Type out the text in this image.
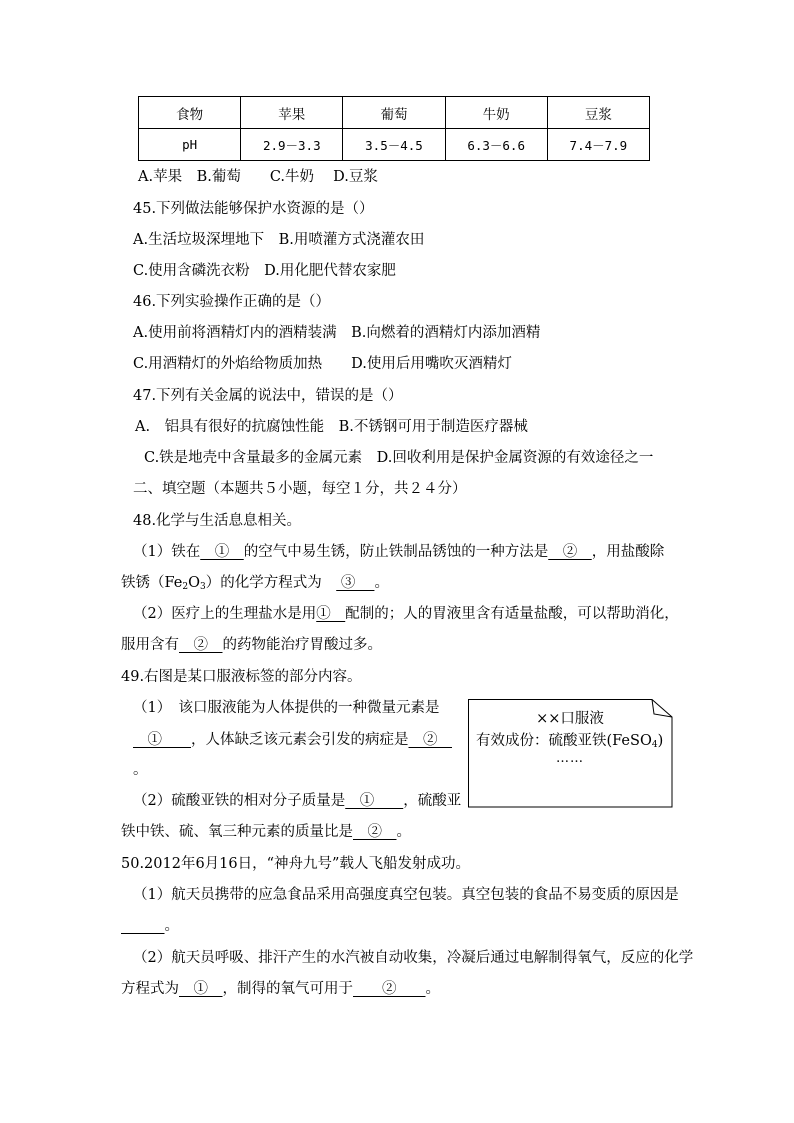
食物	苹果	葡萄	牛奶	豆浆
pH	2.9－3.3	3.5－4.5	6.3－6.6	7.4－7.9
A.苹果　B.葡萄　　C.牛奶　 D.豆浆
45.下列做法能够保护水资源的是（）
A.生活垃圾深埋地下　B.用喷灌方式浇灌农田
C.使用含磷洗衣粉　D.用化肥代替农家肥
46.下列实验操作正确的是（）
A.使用前将酒精灯内的酒精装满　B.向燃着的酒精灯内添加酒精
C.用酒精灯的外焰给物质加热　　D.使用后用嘴吹灭酒精灯
47.下列有关金属的说法中，错误的是（）
A.　铝具有很好的抗腐蚀性能　B.不锈钢可用于制造医疗器械
C.铁是地壳中含量最多的金属元素　D.回收利用是保护金属资源的有效途径之一
二、填空题（本题共５小题，每空１分，共２４分）
48.化学与生活息息相关。
（1）铁在　①　的空气中易生锈，防止铁制品锈蚀的一种方法是　②　，用盐酸除
铁锈$(Fe_2O_3)$的化学方程式为　 ③ 　。
（2）医疗上的生理盐水是用①　配制的；人的胃液里含有适量盐酸，可以帮助消化，
服用含有　②　的药物能治疗胃酸过多。
49.右图是某口服液标签的部分内容。
（1）　该口服液能为人体提供的一种微量元素是
　①　　，人体缺乏该元素会引发的病症是　②　
。
（2）硫酸亚铁的相对分子质量是　①　　，硫酸亚
铁中铁、硫、氧三种元素的质量比是　②　。
××口服液
有效成份：硫酸亚铁(FeSO$_4$)
……
50.2012年6月16日，“神舟九号”载人飞船发射成功。
（1）航天员携带的应急食品采用高强度真空包装。真空包装的食品不易变质的原因是
　　　。
（2）航天员呼吸、排汗产生的水汽被自动收集，冷凝后通过电解制得氧气，反应的化学
方程式为　①　，制得的氧气可用于　　②　　。
